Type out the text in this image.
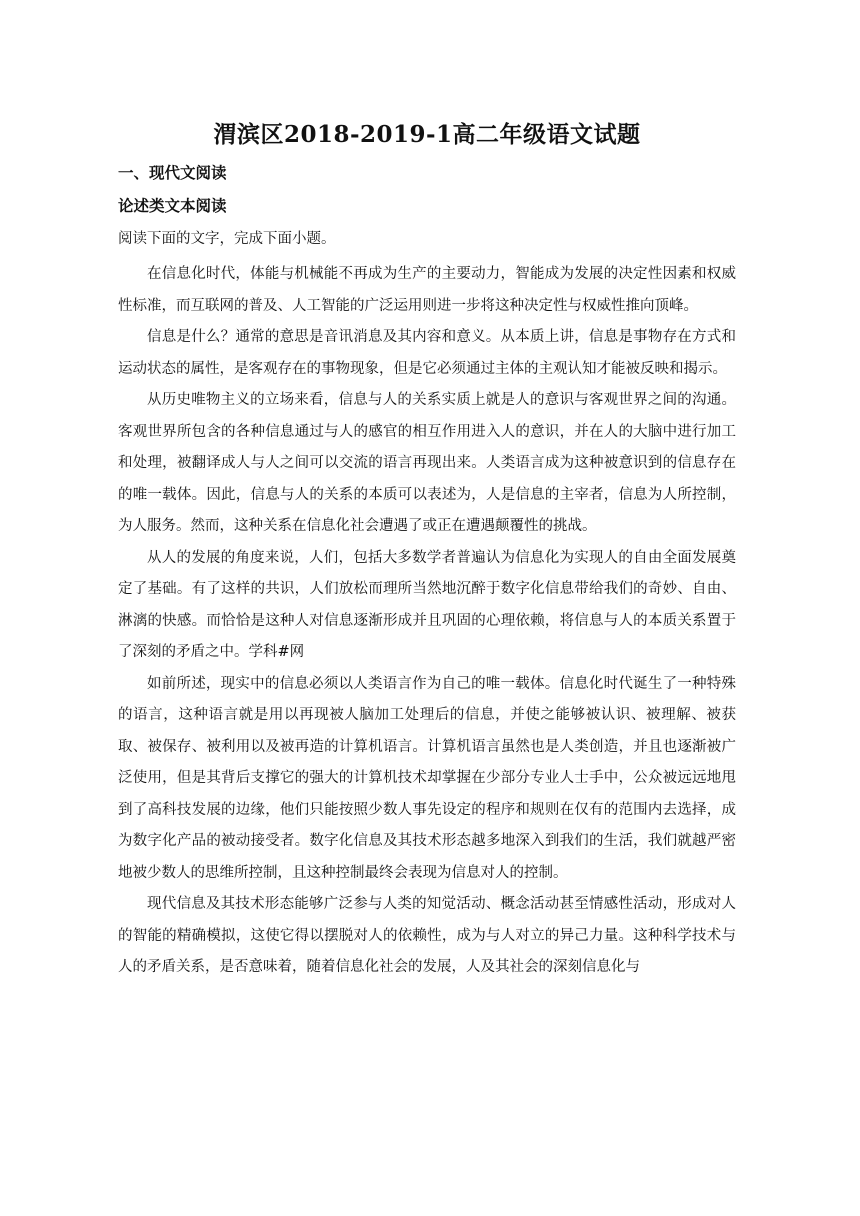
渭滨区2018-2019-1高二年级语文试题
一、现代文阅读
论述类文本阅读
阅读下面的文字，完成下面小题。

在信息化时代，体能与机械能不再成为生产的主要动力，智能成为发展的决定性因素和权威性标准，而互联网的普及、人工智能的广泛运用则进一步将这种决定性与权威性推向顶峰。

信息是什么？通常的意思是音讯消息及其内容和意义。从本质上讲，信息是事物存在方式和运动状态的属性，是客观存在的事物现象，但是它必须通过主体的主观认知才能被反映和揭示。

从历史唯物主义的立场来看，信息与人的关系实质上就是人的意识与客观世界之间的沟通。客观世界所包含的各种信息通过与人的感官的相互作用进入人的意识，并在人的大脑中进行加工和处理，被翻译成人与人之间可以交流的语言再现出来。人类语言成为这种被意识到的信息存在的唯一载体。因此，信息与人的关系的本质可以表述为，人是信息的主宰者，信息为人所控制，为人服务。然而，这种关系在信息化社会遭遇了或正在遭遇颠覆性的挑战。

从人的发展的角度来说，人们，包括大多数学者普遍认为信息化为实现人的自由全面发展奠定了基础。有了这样的共识，人们放松而理所当然地沉醉于数字化信息带给我们的奇妙、自由、淋漓的快感。而恰恰是这种人对信息逐渐形成并且巩固的心理依赖，将信息与人的本质关系置于了深刻的矛盾之中。学科#网

如前所述，现实中的信息必须以人类语言作为自己的唯一载体。信息化时代诞生了一种特殊的语言，这种语言就是用以再现被人脑加工处理后的信息，并使之能够被认识、被理解、被获取、被保存、被利用以及被再造的计算机语言。计算机语言虽然也是人类创造，并且也逐渐被广泛使用，但是其背后支撑它的强大的计算机技术却掌握在少部分专业人士手中，公众被远远地甩到了高科技发展的边缘，他们只能按照少数人事先设定的程序和规则在仅有的范围内去选择，成为数字化产品的被动接受者。数字化信息及其技术形态越多地深入到我们的生活，我们就越严密地被少数人的思维所控制，且这种控制最终会表现为信息对人的控制。

现代信息及其技术形态能够广泛参与人类的知觉活动、概念活动甚至情感性活动，形成对人的智能的精确模拟，这使它得以摆脱对人的依赖性，成为与人对立的异己力量。这种科学技术与人的矛盾关系，是否意味着，随着信息化社会的发展，人及其社会的深刻信息化与
